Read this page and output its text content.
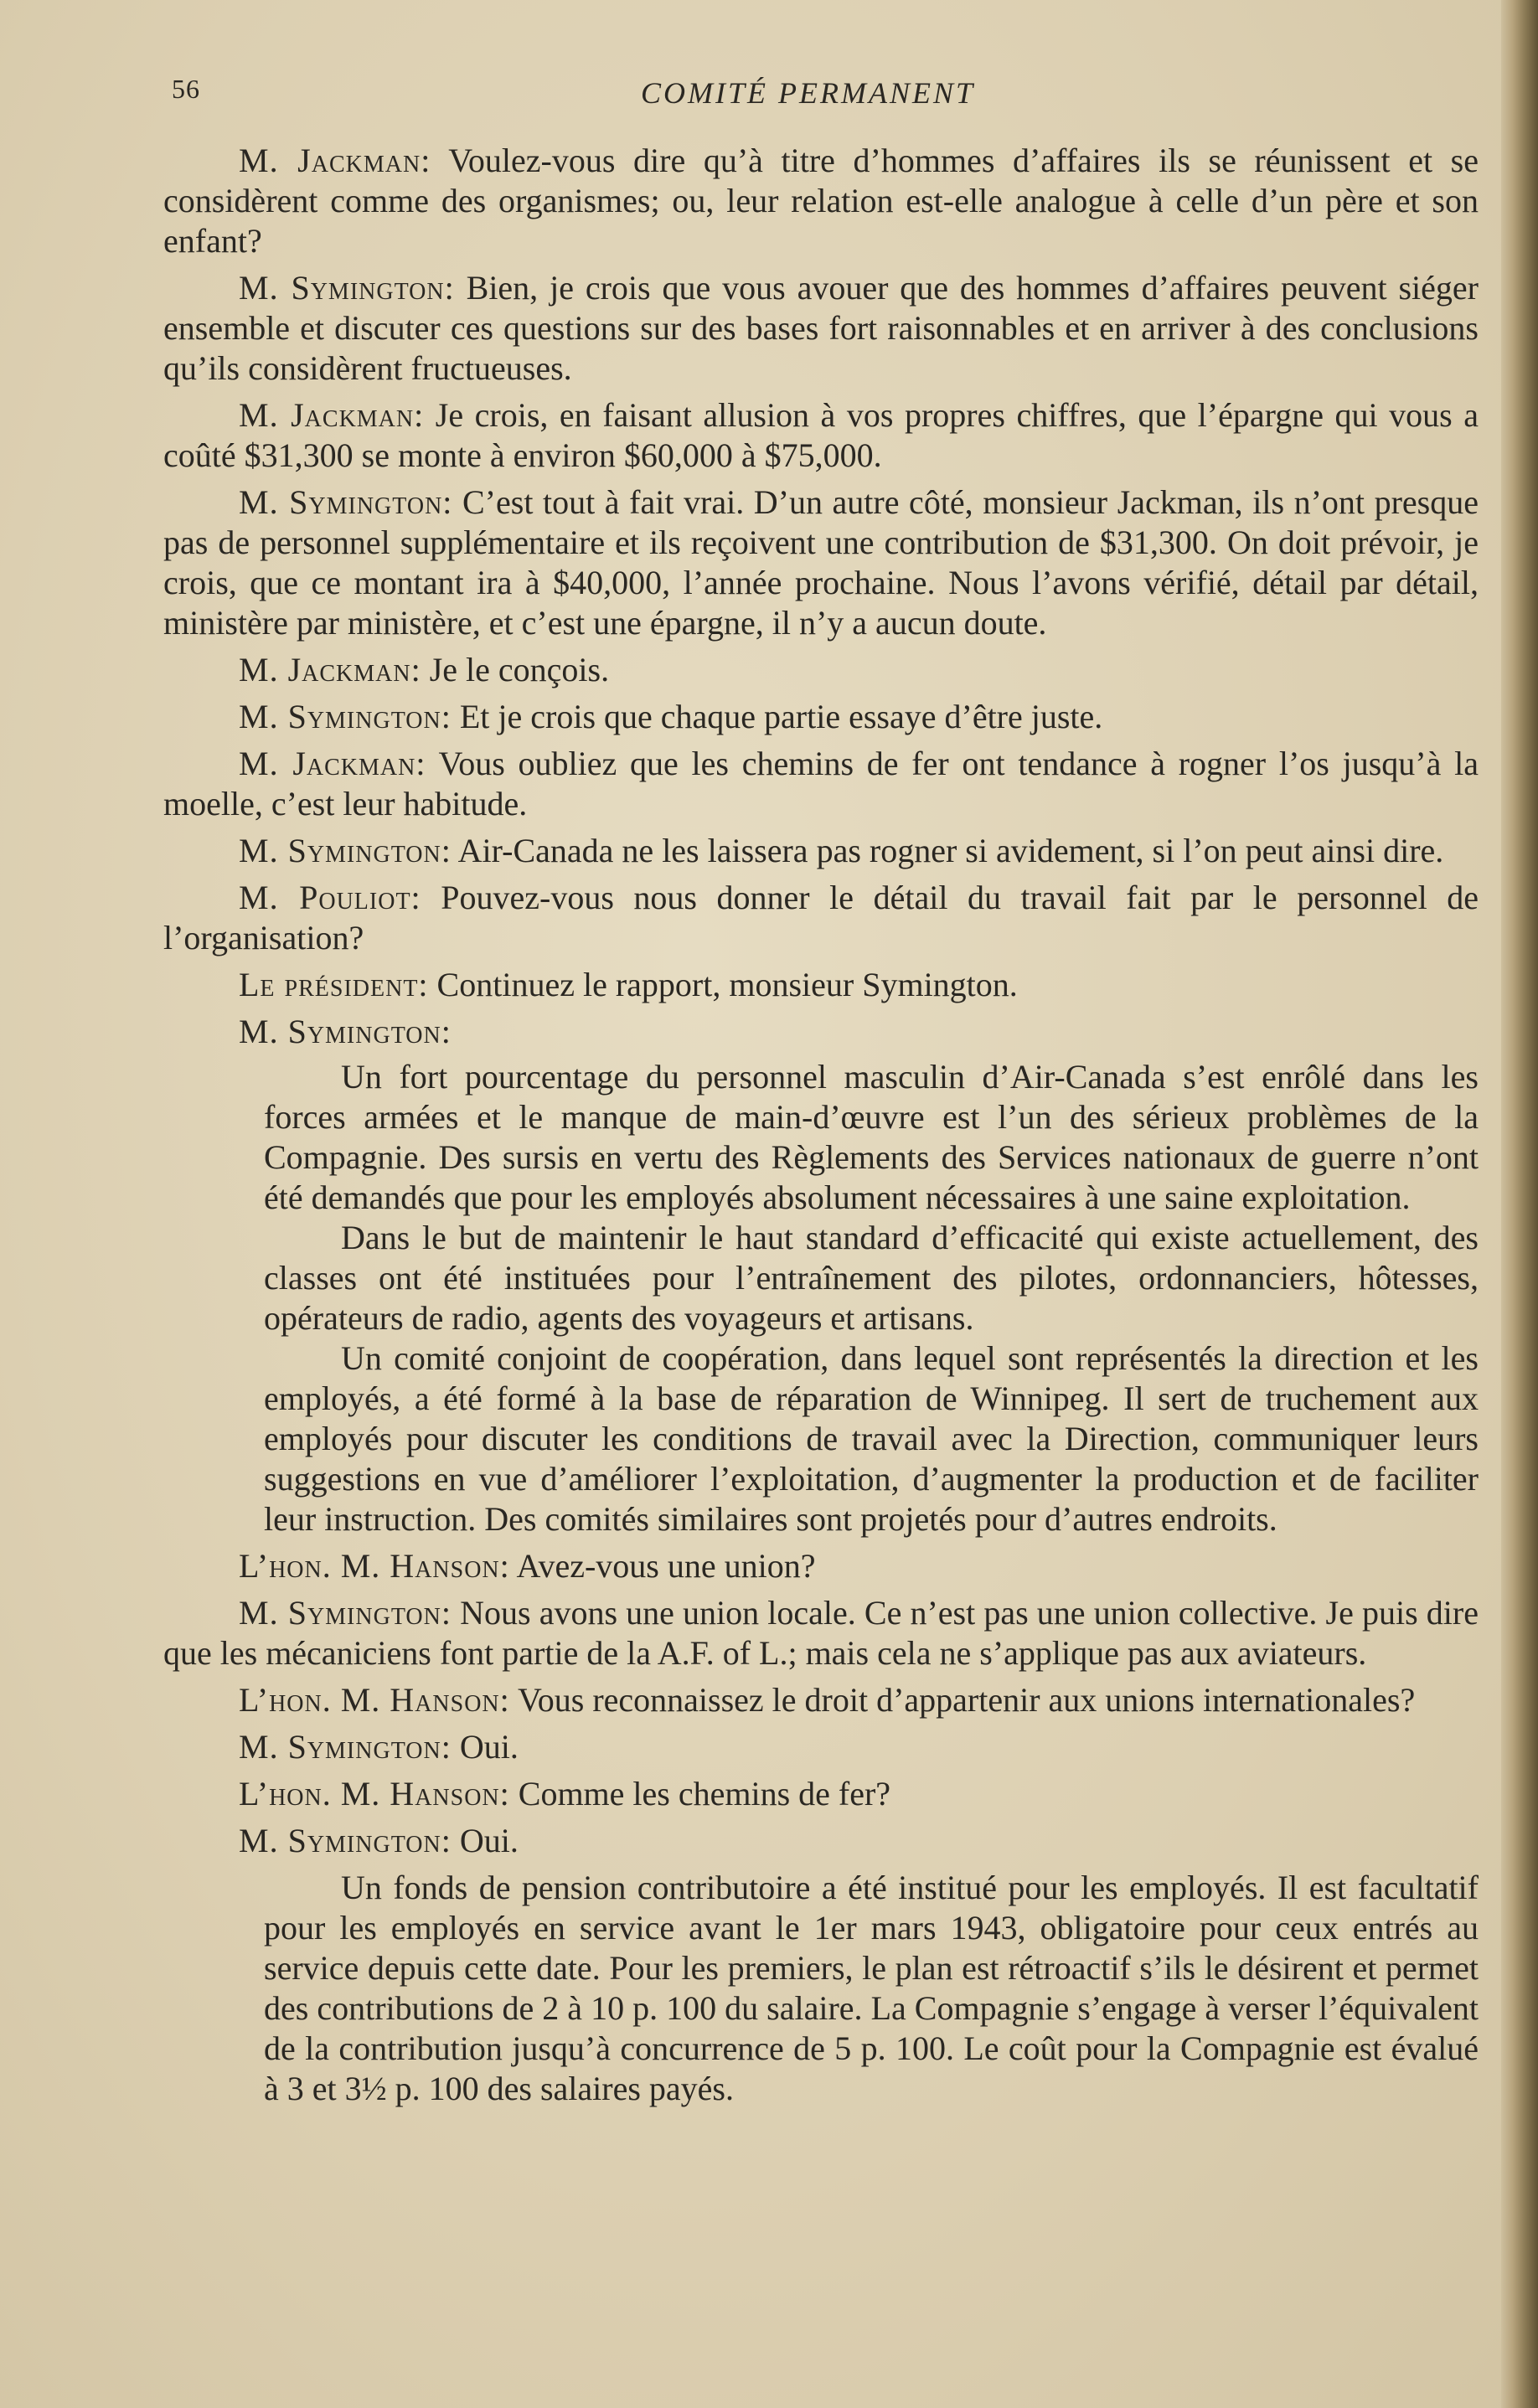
56	COMITÉ PERMANENT

M. Jackman: Voulez-vous dire qu’à titre d’hommes d’affaires ils se réunissent et se considèrent comme des organismes; ou, leur relation est-elle analogue à celle d’un père et son enfant?

M. Symington: Bien, je crois que vous avouer que des hommes d’affaires peuvent siéger ensemble et discuter ces questions sur des bases fort raisonnables et en arriver à des conclusions qu’ils considèrent fructueuses.

M. Jackman: Je crois, en faisant allusion à vos propres chiffres, que l’épargne qui vous a coûté $31,300 se monte à environ $60,000 à $75,000.

M. Symington: C’est tout à fait vrai. D’un autre côté, monsieur Jackman, ils n’ont presque pas de personnel supplémentaire et ils reçoivent une contribution de $31,300. On doit prévoir, je crois, que ce montant ira à $40,000, l’année prochaine. Nous l’avons vérifié, détail par détail, ministère par ministère, et c’est une épargne, il n’y a aucun doute.

M. Jackman: Je le conçois.

M. Symington: Et je crois que chaque partie essaye d’être juste.

M. Jackman: Vous oubliez que les chemins de fer ont tendance à rogner l’os jusqu’à la moelle, c’est leur habitude.

M. Symington: Air-Canada ne les laissera pas rogner si avidement, si l’on peut ainsi dire.

M. Pouliot: Pouvez-vous nous donner le détail du travail fait par le personnel de l’organisation?

Le président: Continuez le rapport, monsieur Symington.

M. Symington:

Un fort pourcentage du personnel masculin d’Air-Canada s’est enrôlé dans les forces armées et le manque de main-d’œuvre est l’un des sérieux problèmes de la Compagnie. Des sursis en vertu des Règlements des Services nationaux de guerre n’ont été demandés que pour les employés absolument nécessaires à une saine exploitation.

Dans le but de maintenir le haut standard d’efficacité qui existe actuellement, des classes ont été instituées pour l’entraînement des pilotes, ordonnanciers, hôtesses, opérateurs de radio, agents des voyageurs et artisans.

Un comité conjoint de coopération, dans lequel sont représentés la direction et les employés, a été formé à la base de réparation de Winnipeg. Il sert de truchement aux employés pour discuter les conditions de travail avec la Direction, communiquer leurs suggestions en vue d’améliorer l’exploitation, d’augmenter la production et de faciliter leur instruction. Des comités similaires sont projetés pour d’autres endroits.

L’hon. M. Hanson: Avez-vous une union?

M. Symington: Nous avons une union locale. Ce n’est pas une union collective. Je puis dire que les mécaniciens font partie de la A.F. of L.; mais cela ne s’applique pas aux aviateurs.

L’hon. M. Hanson: Vous reconnaissez le droit d’appartenir aux unions internationales?

M. Symington: Oui.

L’hon. M. Hanson: Comme les chemins de fer?

M. Symington: Oui.

Un fonds de pension contributoire a été institué pour les employés. Il est facultatif pour les employés en service avant le 1er mars 1943, obligatoire pour ceux entrés au service depuis cette date. Pour les premiers, le plan est rétroactif s’ils le désirent et permet des contributions de 2 à 10 p. 100 du salaire. La Compagnie s’engage à verser l’équivalent de la contribution jusqu’à concurrence de 5 p. 100. Le coût pour la Compagnie est évalué à 3 et 3½ p. 100 des salaires payés.
